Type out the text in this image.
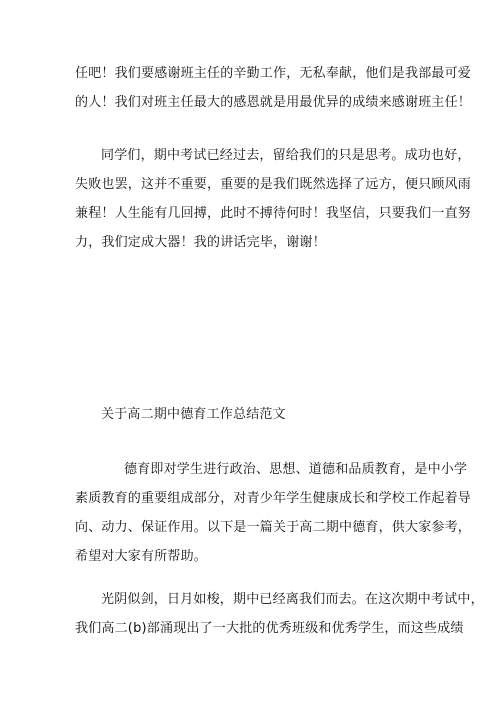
任吧！我们要感谢班主任的辛勤工作，无私奉献，他们是我部最可爱
的人！我们对班主任最大的感恩就是用最优异的成绩来感谢班主任！

同学们，期中考试已经过去，留给我们的只是思考。成功也好，
失败也罢，这并不重要，重要的是我们既然选择了远方，便只顾风雨
兼程！人生能有几回搏，此时不搏待何时！我坚信，只要我们一直努
力，我们定成大器！我的讲话完毕，谢谢！

关于高二期中德育工作总结范文

德育即对学生进行政治、思想、道德和品质教育，是中小学
素质教育的重要组成部分，对青少年学生健康成长和学校工作起着导
向、动力、保证作用。以下是一篇关于高二期中德育，供大家参考，
希望对大家有所帮助。

光阴似剑，日月如梭，期中已经离我们而去。在这次期中考试中，
我们高二(b)部涌现出了一大批的优秀班级和优秀学生，而这些成绩
